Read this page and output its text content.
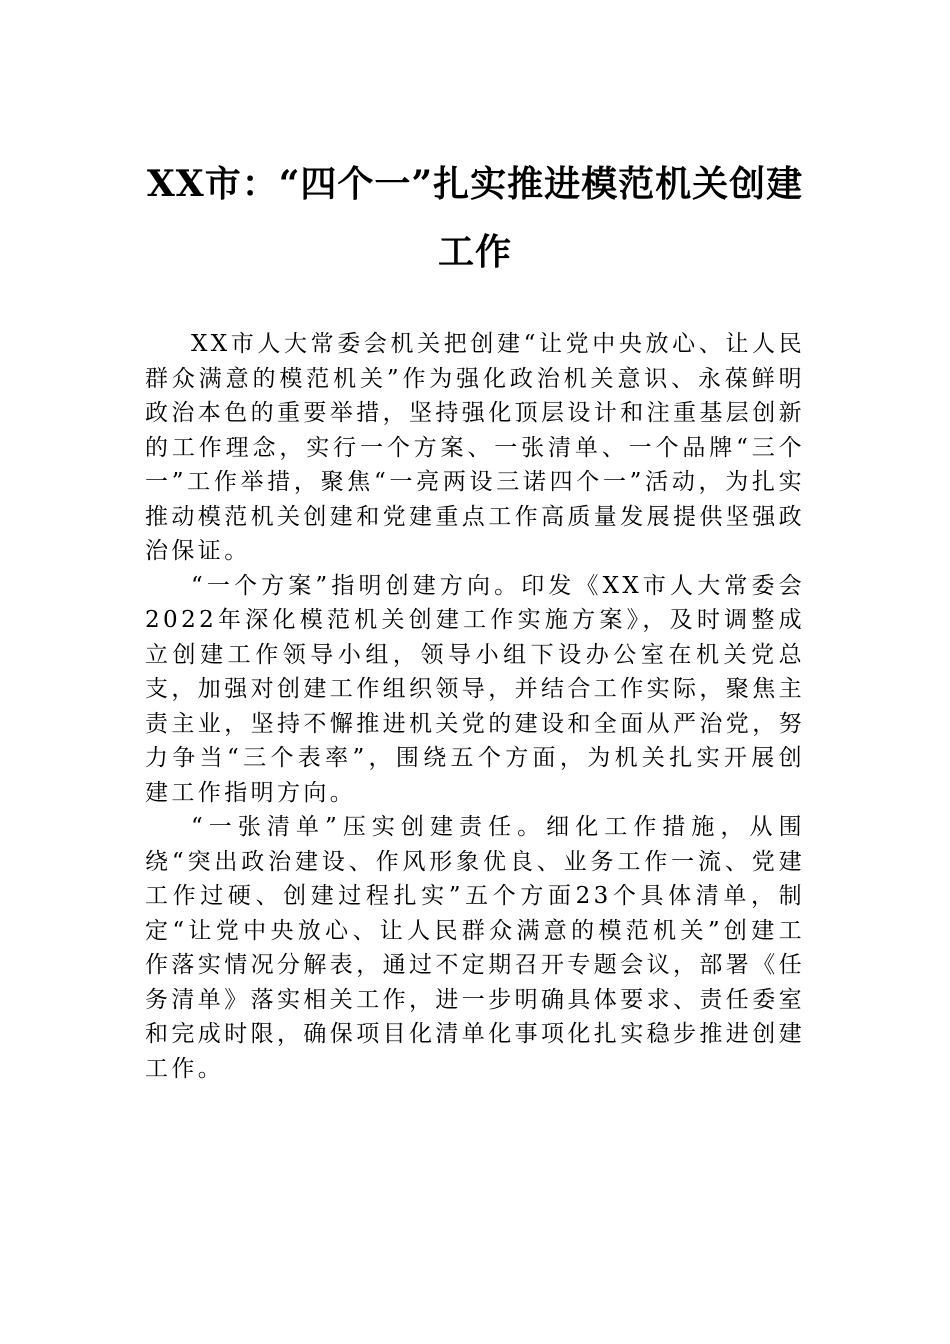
XX市：“四个一”扎实推进模范机关创建工作

XX市人大常委会机关把创建“让党中央放心、让人民群众满意的模范机关”作为强化政治机关意识、永葆鲜明政治本色的重要举措，坚持强化顶层设计和注重基层创新的工作理念，实行一个方案、一张清单、一个品牌“三个一”工作举措，聚焦“一亮两设三诺四个一”活动，为扎实推动模范机关创建和党建重点工作高质量发展提供坚强政治保证。

“一个方案”指明创建方向。印发《XX市人大常委会2022年深化模范机关创建工作实施方案》，及时调整成立创建工作领导小组，领导小组下设办公室在机关党总支，加强对创建工作组织领导，并结合工作实际，聚焦主责主业，坚持不懈推进机关党的建设和全面从严治党，努力争当“三个表率”，围绕五个方面，为机关扎实开展创建工作指明方向。

“一张清单”压实创建责任。细化工作措施，从围绕“突出政治建设、作风形象优良、业务工作一流、党建工作过硬、创建过程扎实”五个方面23个具体清单，制定“让党中央放心、让人民群众满意的模范机关”创建工作落实情况分解表，通过不定期召开专题会议，部署《任务清单》落实相关工作，进一步明确具体要求、责任委室和完成时限，确保项目化清单化事项化扎实稳步推进创建工作。
